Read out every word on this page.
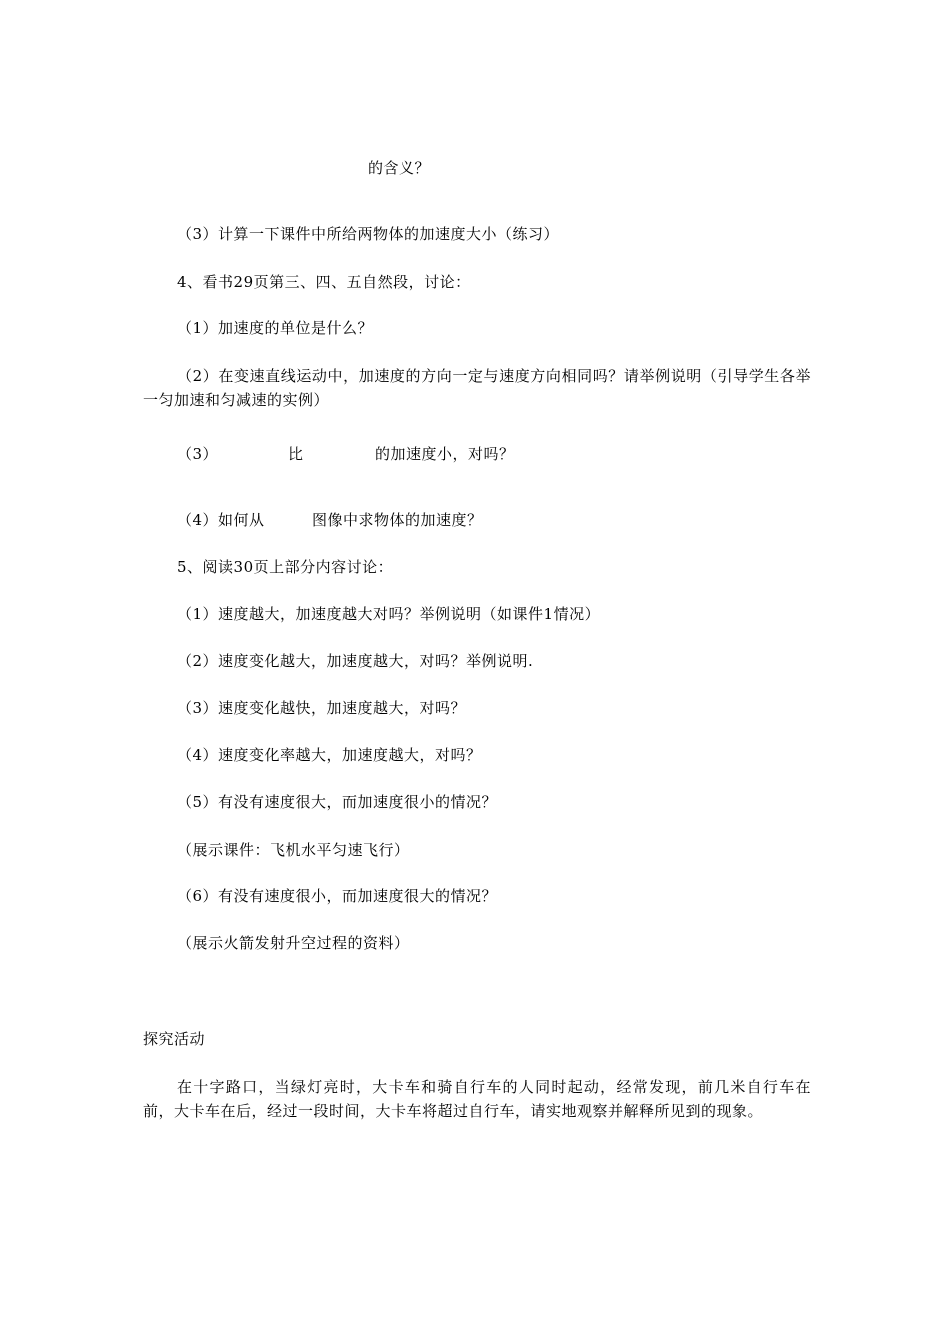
的含义？
（3）计算一下课件中所给两物体的加速度大小（练习）
4、看书29页第三、四、五自然段，讨论：
（1）加速度的单位是什么？
（2）在变速直线运动中，加速度的方向一定与速度方向相同吗？请举例说明（引导学生各举一匀加速和匀减速的实例）
（3）	比	的加速度小，对吗？
（4）如何从	图像中求物体的加速度？
5、阅读30页上部分内容讨论：
（1）速度越大，加速度越大对吗？举例说明（如课件1情况）
（2）速度变化越大，加速度越大，对吗？举例说明.
（3）速度变化越快，加速度越大，对吗？
（4）速度变化率越大，加速度越大，对吗？
（5）有没有速度很大，而加速度很小的情况？
（展示课件：飞机水平匀速飞行）
（6）有没有速度很小，而加速度很大的情况？
（展示火箭发射升空过程的资料）
探究活动
在十字路口，当绿灯亮时，大卡车和骑自行车的人同时起动，经常发现，前几米自行车在前，大卡车在后，经过一段时间，大卡车将超过自行车，请实地观察并解释所见到的现象。
